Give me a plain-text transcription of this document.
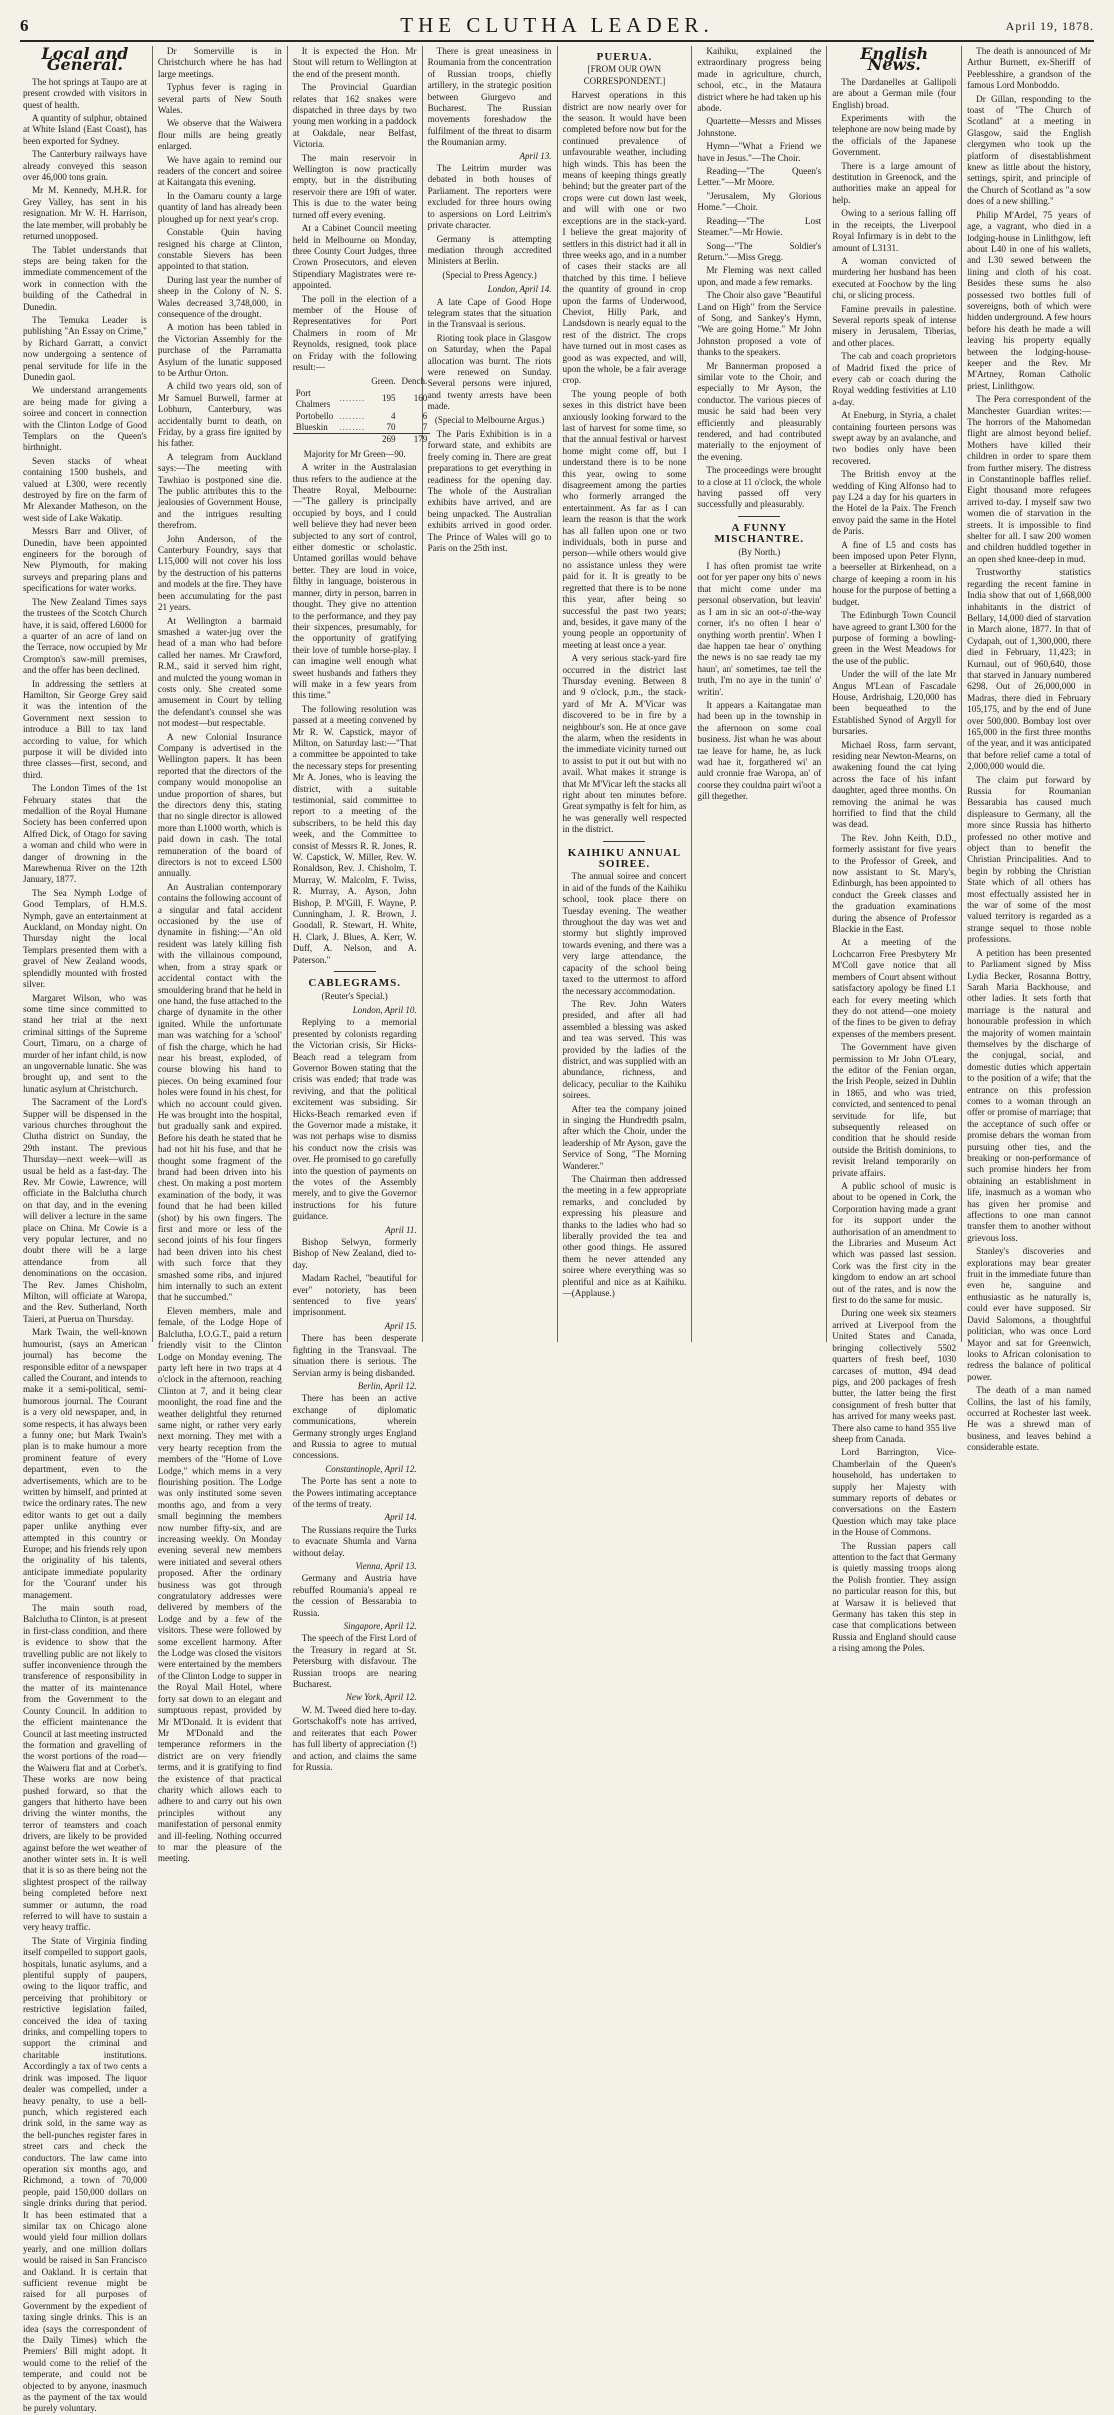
6	THE CLUTHA LEADER.	April 19, 1878.
Local and General.

The hot springs at Taupo are at present crowded with visitors in quest of health.

A quantity of sulphur, obtained at White Island (East Coast), has been exported for Sydney.

The Canterbury railways have already conveyed this season over 46,000 tons grain.

Mr M. Kennedy, M.H.R. for Grey Valley, has sent in his resignation. Mr W. H. Harrison, the late member, will probably be returned unopposed.

The Tablet understands that steps are being taken for the immediate commencement of the work in connection with the building of the Cathedral in Dunedin.

The Temuka Leader is publishing "An Essay on Crime," by Richard Garratt, a convict now undergoing a sentence of penal servitude for life in the Dunedin gaol.

We understand arrangements are being made for giving a soiree and concert in connection with the Clinton Lodge of Good Templars on the Queen's birthnight.

Seven stacks of wheat containing 1500 bushels, and valued at L300, were recently destroyed by fire on the farm of Mr Alexander Matheson, on the west side of Lake Wakatip.

Messrs Barr and Oliver, of Dunedin, have been appointed engineers for the borough of New Plymouth, for making surveys and preparing plans and specifications for water works.

The New Zealand Times says the trustees of the Scotch Church have, it is said, offered L6000 for a quarter of an acre of land on the Terrace, now occupied by Mr Crompton's saw-mill premises, and the offer has been declined.

In addressing the settlers at Hamilton, Sir George Grey said it was the intention of the Government next session to introduce a Bill to tax land according to value, for which purpose it will be divided into three classes—first, second, and third.

The London Times of the 1st February states that the medallion of the Royal Humane Society has been conferred upon Alfred Dick, of Otago for saving a woman and child who were in danger of drowning in the Marewhenua River on the 12th January, 1877.

The Sea Nymph Lodge of Good Templars, of H.M.S. Nymph, gave an entertainment at Auckland, on Monday night. On Thursday night the local Templars presented them with a gravel of New Zealand woods, splendidly mounted with frosted silver.

Margaret Wilson, who was some time since committed to stand her trial at the next criminal sittings of the Supreme Court, Timaru, on a charge of murder of her infant child, is now an ungovernable lunatic. She was brought up, and sent to the lunatic asylum at Christchurch.

The Sacrament of the Lord's Supper will be dispensed in the various churches throughout the Clutha district on Sunday, the 29th instant. The previous Thursday—next week—will as usual be held as a fast-day. The Rev. Mr Cowie, Lawrence, will officiate in the Balclutha church on that day, and in the evening will deliver a lecture in the same place on China. Mr Cowie is a very popular lecturer, and no doubt there will be a large attendance from all denominations on the occasion. The Rev. James Chisholm, Milton, will officiate at Waropa, and the Rev. Sutherland, North Taieri, at Puerua on Thursday.

Mark Twain, the well-known humourist, (says an American journal) has become the responsible editor of a newspaper called the Courant, and intends to make it a semi-political, semi-humorous journal. The Courant is a very old newspaper, and, in some respects, it has always been a funny one; but Mark Twain's plan is to make humour a more prominent feature of every department, even to the advertisements, which are to be written by himself, and printed at twice the ordinary rates. The new editor wants to get out a daily paper unlike anything ever attempted in this country or Europe; and his friends rely upon the originality of his talents, anticipate immediate popularity for the 'Courant' under his management.

The main south road, Balclutha to Clinton, is at present in first-class condition, and there is evidence to show that the travelling public are not likely to suffer inconvenience through the transference of responsibility in the matter of its maintenance from the Government to the County Council. In addition to the efficient maintenance the Council at last meeting instructed the formation and gravelling of the worst portions of the road—the Waiwera flat and at Corbet's. These works are now being pushed forward, so that the gangers that hitherto have been driving the winter months, the terror of teamsters and coach drivers, are likely to be provided against before the wet weather of another winter sets in. It is well that it is so as there being not the slightest prospect of the railway being completed before next summer or autumn, the road referred to will have to sustain a very heavy traffic.

The State of Virginia finding itself compelled to support gaols, hospitals, lunatic asylums, and a plentiful supply of paupers, owing to the liquor traffic, and perceiving that prohibitory or restrictive legislation failed, conceived the idea of taxing drinks, and compelling topers to support the criminal and charitable institutions. Accordingly a tax of two cents a drink was imposed. The liquor dealer was compelled, under a heavy penalty, to use a bell-punch, which registered each drink sold, in the same way as the bell-punches register fares in street cars and check the conductors. The law came into operation six months ago, and Richmond, a town of 70,000 people, paid 150,000 dollars on single drinks during that period. It has been estimated that a similar tax on Chicago alone would yield four million dollars yearly, and one million dollars would be raised in San Francisco and Oakland. It is certain that sufficient revenue might be raised for all purposes of Government by the expedient of taxing single drinks. This is an idea (says the correspondent of the Daily Times) which the Premiers' Bill might adopt. It would come to the relief of the temperate, and could not be objected to by anyone, inasmuch as the payment of the tax would be purely voluntary.

Dr Somerville is in Christchurch where he has had large meetings.

Typhus fever is raging in several parts of New South Wales.

We observe that the Waiwera flour mills are being greatly enlarged.

We have again to remind our readers of the concert and soiree at Kaitangata this evening.

In the Oamaru county a large quantity of land has already been ploughed up for next year's crop.

Constable Quin having resigned his charge at Clinton, constable Sievers has been appointed to that station.

During last year the number of sheep in the Colony of N. S. Wales decreased 3,748,000, in consequence of the drought.

A motion has been tabled in the Victorian Assembly for the purchase of the Parramatta Asylum of the lunatic supposed to be Arthur Orton.

A child two years old, son of Mr Samuel Burwell, farmer at Lobhurn, Canterbury, was accidentally burnt to death, on Friday, by a grass fire ignited by his father.

A telegram from Auckland says:—The meeting with Tawhiao is postponed sine die. The public attributes this to the jealousies of Government House, and the intrigues resulting therefrom.

John Anderson, of the Canterbury Foundry, says that L15,000 will not cover his loss by the destruction of his patterns and models at the fire. They have been accumulating for the past 21 years.

At Wellington a barmaid smashed a water-jug over the head of a man who had before called her names. Mr Crawford, R.M., said it served him right, and mulcted the young woman in costs only. She created some amusement in Court by telling the defendant's counsel she was not modest—but respectable.

A new Colonial Insurance Company is advertised in the Wellington papers. It has been reported that the directors of the company would monopolise an undue proportion of shares, but the directors deny this, stating that no single director is allowed more than L1000 worth, which is paid down in cash. The total remuneration of the board of directors is not to exceed L500 annually.

An Australian contemporary contains the following account of a singular and fatal accident occasioned by the use of dynamite in fishing:—"An old resident was lately killing fish with the villainous compound, when, from a stray spark or accidental contact with the smouldering brand that he held in one hand, the fuse attached to the charge of dynamite in the other ignited. While the unfortunate man was watching for a 'school' of fish the charge, which he had near his breast, exploded, of course blowing his hand to pieces. On being examined four holes were found in his chest, for which no account could given. He was brought into the hospital, but gradually sank and expired. Before his death he stated that he had not hit his fuse, and that he thought some fragment of the brand had been driven into his chest. On making a post mortem examination of the body, it was found that he had been killed (shot) by his own fingers. The first and more or less of the second joints of his four fingers had been driven into his chest with such force that they smashed some ribs, and injured him internally to such an extent that he succumbed."

Eleven members, male and female, of the Lodge Hope of Balclutha, I.O.G.T., paid a return friendly visit to the Clinton Lodge on Monday evening. The party left here in two traps at 4 o'clock in the afternoon, reaching Clinton at 7, and it being clear moonlight, the road fine and the weather delightful they returned same night, or rather very early next morning. They met with a very hearty reception from the members of the "Home of Love Lodge," which mems in a very flourishing position. The Lodge was only instituted some seven months ago, and from a very small beginning the members now number fifty-six, and are increasing weekly. On Monday evening several new members were initiated and several others proposed. After the ordinary business was got through congratulatory addresses were delivered by members of the Lodge and by a few of the visitors. These were followed by some excellent harmony. After the Lodge was closed the visitors were entertained by the members of the Clinton Lodge to supper in the Royal Mail Hotel, where forty sat down to an elegant and sumptuous repast, provided by Mr M'Donald. It is evident that Mr M'Donald and the temperance reformers in the district are on very friendly terms, and it is gratifying to find the existence of that practical charity which allows each to adhere to and carry out his own principles without any manifestation of personal enmity and ill-feeling. Nothing occurred to mar the pleasure of the meeting.

It is expected the Hon. Mr Stout will return to Wellington at the end of the present month.

The Provincial Guardian relates that 162 snakes were dispatched in three days by two young men working in a paddock at Oakdale, near Belfast, Victoria.

The main reservoir in Wellington is now practically empty, but in the distributing reservoir there are 19ft of water. This is due to the water being turned off every evening.

At a Cabinet Council meeting held in Melbourne on Monday, three County Court Judges, three Crown Prosecutors, and eleven Stipendiary Magistrates were re-appointed.

The poll in the election of a member of the House of Representatives for Port Chalmers in room of Mr Reynolds, resigned, took place on Friday with the following result:—

		Green.	Dench.
Port Chalmers	........	195	160
Portobello	........	4	6
Blueskin	........	70	7
		269	179
Majority for Mr Green—90.

A writer in the Australasian thus refers to the audience at the Theatre Royal, Melbourne:—"The gallery is principally occupied by boys, and I could well believe they had never been subjected to any sort of control, either domestic or scholastic. Untamed gorillas would behave better. They are loud in voice, filthy in language, boisterous in manner, dirty in person, barren in thought. They give no attention to the performance, and they pay their sixpences, presumably, for the opportunity of gratifying their love of tumble horse-play. I can imagine well enough what sweet husbands and fathers they will make in a few years from this time."

The following resolution was passed at a meeting convened by Mr R. W. Capstick, mayor of Milton, on Saturday last:—"That a committee be appointed to take the necessary steps for presenting Mr A. Jones, who is leaving the district, with a suitable testimonial, said committee to report to a meeting of the subscribers, to be held this day week, and the Committee to consist of Messrs R. R. Jones, R. W. Capstick, W. Miller, Rev. W. Ronaldson, Rev. J. Chisholm, T. Murray, W. Malcolm, F. Twiss, R. Murray, A. Ayson, John Bishop, P. M'Gill, F. Wayne, P. Cunningham, J. R. Brown, J. Goodall, R. Stewart, H. White, H. Clark, J. Blues, A. Kerr, W. Duff, A. Nelson, and A. Paterson."

CABLEGRAMS.
(Reuter's Special.)
London, April 10.

Replying to a memorial presented by colonists regarding the Victorian crisis, Sir Hicks-Beach read a telegram from Governor Bowen stating that the crisis was ended; that trade was reviving, and that the political excitement was subsiding. Sir Hicks-Beach remarked even if the Governor made a mistake, it was not perhaps wise to dismiss his conduct now the crisis was over. He promised to go carefully into the question of payments on the votes of the Assembly merely, and to give the Governor instructions for his future guidance.

April 11.

Bishop Selwyn, formerly Bishop of New Zealand, died to-day.

Madam Rachel, "beautiful for ever" notoriety, has been sentenced to five years' imprisonment.

April 15.

There has been desperate fighting in the Transvaal. The situation there is serious. The Servian army is being disbanded.

Berlin, April 12.

There has been an active exchange of diplomatic communications, wherein Germany strongly urges England and Russia to agree to mutual concessions.

Constantinople, April 12.

The Porte has sent a note to the Powers intimating acceptance of the terms of treaty.

April 14.

The Russians require the Turks to evacuate Shumla and Varna without delay.

Vienna, April 13.

Germany and Austria have rebuffed Roumania's appeal re the cession of Bessarabia to Russia.

Singapore, April 12.

The speech of the First Lord of the Treasury in regard at St. Petersburg with disfavour. The Russian troops are nearing Bucharest.

New York, April 12.

W. M. Tweed died here to-day. Gortschakoff's note has arrived, and reiterates that each Power has full liberty of appreciation (!) and action, and claims the same for Russia.

There is great uneasiness in Roumania from the concentration of Russian troops, chiefly artillery, in the strategic position between Giurgevo and Bucharest. The Russian movements foreshadow the fulfilment of the threat to disarm the Roumanian army.

April 13.

The Leitrim murder was debated in both houses of Parliament. The reporters were excluded for three hours owing to aspersions on Lord Leitrim's private character.

Germany is attempting mediation through accredited Ministers at Berlin.

(Special to Press Agency.)
London, April 14.

A late Cape of Good Hope telegram states that the situation in the Transvaal is serious.

Rioting took place in Glasgow on Saturday, when the Papal allocation was burnt. The riots were renewed on Sunday. Several persons were injured, and twenty arrests have been made.

(Special to Melbourne Argus.)

The Paris Exhibition is in a forward state, and exhibits are freely coming in. There are great preparations to get everything in readiness for the opening day. The whole of the Australian exhibits have arrived, and are being unpacked. The Australian exhibits arrived in good order. The Prince of Wales will go to Paris on the 25th inst.

PUERUA.
[FROM OUR OWN CORRESPONDENT.]

Harvest operations in this district are now nearly over for the season. It would have been completed before now but for the continued prevalence of unfavourable weather, including high winds. This has been the means of keeping things greatly behind; but the greater part of the crops were cut down last week, and will with one or two exceptions are in the stack-yard. I believe the great majority of settlers in this district had it all in three weeks ago, and in a number of cases their stacks are all thatched by this time. I believe the quantity of ground in crop upon the farms of Underwood, Cheviot, Hilly Park, and Landsdown is nearly equal to the rest of the district. The crops have turned out in most cases as good as was expected, and will, upon the whole, be a fair average crop.

The young people of both sexes in this district have been anxiously looking forward to the last of harvest for some time, so that the annual festival or harvest home might come off, but I understand there is to be none this year, owing to some disagreement among the parties who formerly arranged the entertainment. As far as I can learn the reason is that the work has all fallen upon one or two individuals, both in purse and person—while others would give no assistance unless they were paid for it. It is greatly to be regretted that there is to be none this year, after being so successful the past two years; and, besides, it gave many of the young people an opportunity of meeting at least once a year.

A very serious stack-yard fire occurred in the district last Thursday evening. Between 8 and 9 o'clock, p.m., the stack-yard of Mr A. M'Vicar was discovered to be in fire by a neighbour's son. He at once gave the alarm, when the residents in the immediate vicinity turned out to assist to put it out but with no avail. What makes it strange is that Mr M'Vicar left the stacks all right about ten minutes before. Great sympathy is felt for him, as he was generally well respected in the district.

KAIHIKU ANNUAL SOIREE.

The annual soiree and concert in aid of the funds of the Kaihiku school, took place there on Tuesday evening. The weather throughout the day was wet and stormy but slightly improved towards evening, and there was a very large attendance, the capacity of the school being taxed to the uttermost to afford the necessary accommodation.

The Rev. John Waters presided, and after all had assembled a blessing was asked and tea was served. This was provided by the ladies of the district, and was supplied with an abundance, richness, and delicacy, peculiar to the Kaihiku soirees.

After tea the company joined in singing the Hundredth psalm, after which the Choir, under the leadership of Mr Ayson, gave the Service of Song, "The Morning Wanderer."

The Chairman then addressed the meeting in a few appropriate remarks, and concluded by expressing his pleasure and thanks to the ladies who had so liberally provided the tea and other good things. He assured them he never attended any soiree where everything was so plentiful and nice as at Kaihiku.—(Applause.)

Kaihiku, explained the extraordinary progress being made in agriculture, church, school, etc., in the Mataura district where he had taken up his abode.

Quartette—Messrs and Misses Johnstone.

Hymn—"What a Friend we have in Jesus."—The Choir.

Reading—"The Queen's Letter."—Mr Moore.

"Jerusalem, My Glorious Home."—Choir.

Reading—"The Lost Steamer."—Mr Howie.

Song—"The Soldier's Return."—Miss Gregg.

Mr Fleming was next called upon, and made a few remarks.

The Choir also gave "Beautiful Land on High" from the Service of Song, and Sankey's Hymn, "We are going Home." Mr John Johnston proposed a vote of thanks to the speakers.

Mr Bannerman proposed a similar vote to the Choir, and especially to Mr Ayson, the conductor. The various pieces of music he said had been very efficiently and pleasurably rendered, and had contributed materially to the enjoyment of the evening.

The proceedings were brought to a close at 11 o'clock, the whole having passed off very successfully and pleasurably.

A FUNNY MISCHANTRE.
(By North.)

I has often promist tae write oot for yer paper ony bits o' news that micht come under ma personal observation, but leavin' as I am in sic an oot-o'-the-way corner, it's no often I hear o' onything worth prentin'. When I dae happen tae hear o' onything the news is no sae ready tae my haun', an' sometimes, tae tell the truth, I'm no aye in the tunin' o' writin'.

It appears a Kaitangatae man had been up in the township in the afternoon on some coal business. Jist whan he was about tae leave for hame, he, as luck wad hae it, forgathered wi' an auld cronnie frae Waropa, an' of coorse they couldna pairt wi'oot a gill thegether.

English News.

The Dardanelles at Gallipoli are about a German mile (four English) broad.

Experiments with the telephone are now being made by the officials of the Japanese Government.

There is a large amount of destitution in Greenock, and the authorities make an appeal for help.

Owing to a serious falling off in the receipts, the Liverpool Royal Infirmary is in debt to the amount of L3131.

A woman convicted of murdering her husband has been executed at Foochow by the ling chi, or slicing process.

Famine prevails in palestine. Several reports speak of intense misery in Jerusalem, Tiberias, and other places.

The cab and coach proprietors of Madrid fixed the price of every cab or coach during the Royal wedding festivities at L10 a-day.

At Eneburg, in Styria, a chalet containing fourteen persons was swept away by an avalanche, and two bodies only have been recovered.

The British envoy at the wedding of King Alfonso had to pay L24 a day for his quarters in the Hotel de la Paix. The French envoy paid the same in the Hotel de Paris.

A fine of L5 and costs has been imposed upon Peter Flynn, a beerseller at Birkenhead, on a charge of keeping a room in his house for the purpose of betting a budget.

The Edinburgh Town Council have agreed to grant L300 for the purpose of forming a bowling-green in the West Meadows for the use of the public.

Under the will of the late Mr Angus M'Lean of Fascadale House, Ardrishaig, L20,000 has been bequeathed to the Established Synod of Argyll for bursaries.

Michael Ross, farm servant, residing near Newton-Mearns, on awakening found the cat lying across the face of his infant daughter, aged three months. On removing the animal he was horrified to find that the child was dead.

The Rev. John Keith, D.D., formerly assistant for five years to the Professor of Greek, and now assistant to St. Mary's, Edinburgh, has been appointed to conduct the Greek classes and the graduation examinations during the absence of Professor Blackie in the East.

At a meeting of the Lochcarron Free Presbytery Mr M'Coll gave notice that all members of Court absent without satisfactory apology be fined L1 each for every meeting which they do not attend—one moiety of the fines to be given to defray expenses of the members present.

The Government have given permission to Mr John O'Leary, the editor of the Fenian organ, the Irish People, seized in Dublin in 1865, and who was tried, convicted, and sentenced to penal servitude for life, but subsequently released on condition that he should reside outside the British dominions, to revisit Ireland temporarily on private affairs.

A public school of music is about to be opened in Cork, the Corporation having made a grant for its support under the authorisation of an amendment to the Libraries and Museum Act which was passed last session. Cork was the first city in the kingdom to endow an art school out of the rates, and is now the first to do the same for music.

During one week six steamers arrived at Liverpool from the United States and Canada, bringing collectively 5502 quarters of fresh beef, 1030 carcases of mutton, 494 dead pigs, and 200 packages of fresh butter, the latter being the first consignment of fresh butter that has arrived for many weeks past. There also came to hand 355 live sheep from Canada.

Lord Barrington, Vice-Chamberlain of the Queen's household, has undertaken to supply her Majesty with summary reports of debates or conversations on the Eastern Question which may take place in the House of Commons.

The Russian papers call attention to the fact that Germany is quietly massing troops along the Polish frontier. They assign no particular reason for this, but at Warsaw it is believed that Germany has taken this step in case that complications between Russia and England should cause a rising among the Poles.

The death is announced of Mr Arthur Burnett, ex-Sheriff of Peeblesshire, a grandson of the famous Lord Monboddo.

Dr Gillan, responding to the toast of "The Church of Scotland" at a meeting in Glasgow, said the English clergymen who took up the platform of disestablishment knew as little about the history, settings, spirit, and principle of the Church of Scotland as "a sow does of a new shilling."

Philip M'Ardel, 75 years of age, a vagrant, who died in a lodging-house in Linlithgow, left about L40 in one of his wallets, and L30 sewed between the lining and cloth of his coat. Besides these sums he also possessed two bottles full of sovereigns, both of which were hidden underground. A few hours before his death he made a will leaving his property equally between the lodging-house-keeper and the Rev. Mr M'Artney, Roman Catholic priest, Linlithgow.

The Pera correspondent of the Manchester Guardian writes:—The horrors of the Mahomedan flight are almost beyond belief. Mothers have killed their children in order to spare them from further misery. The distress in Constantinople baffles relief. Eight thousand more refugees arrived to-day. I myself saw two women die of starvation in the streets. It is impossible to find shelter for all. I saw 200 women and children huddled together in an open shed knee-deep in mud.

Trustworthy statistics regarding the recent famine in India show that out of 1,668,000 inhabitants in the district of Bellary, 14,000 died of starvation in March alone, 1877. In that of Cydapah, out of 1,300,000, there died in February, 11,423; in Kurnaul, out of 960,640, those that starved in January numbered 6298. Out of 26,000,000 in Madras, there died in February 105,175, and by the end of June over 500,000. Bombay lost over 165,000 in the first three months of the year, and it was anticipated that before relief came a total of 2,000,000 would die.

The claim put forward by Russia for Roumanian Bessarabia has caused much displeasure to Germany, all the more since Russia has hitherto professed no other motive and object than to benefit the Christian Principalities. And to begin by robbing the Christian State which of all others has most effectually assisted her in the war of some of the most valued territory is regarded as a strange sequel to those noble professions.

A petition has been presented to Parliament signed by Miss Lydia Becker, Rosanna Bottry, Sarah Maria Backhouse, and other ladies. It sets forth that marriage is the natural and honourable profession in which the majority of women maintain themselves by the discharge of the conjugal, social, and domestic duties which appertain to the position of a wife; that the entrance on this profession comes to a woman through an offer or promise of marriage; that the acceptance of such offer or promise debars the woman from pursuing other ties, and the breaking or non-performance of such promise hinders her from obtaining an establishment in life, inasmuch as a woman who has given her promise and affections to one man cannot transfer them to another without grievous loss.

Stanley's discoveries and explorations may bear greater fruit in the immediate future than even he, sanguine and enthusiastic as he naturally is, could ever have supposed. Sir David Salomons, a thoughtful politician, who was once Lord Mayor and sat for Greenwich, looks to African colonisation to redress the balance of political power.

The death of a man named Collins, the last of his family, occurred at Rochester last week. He was a shrewd man of business, and leaves behind a considerable estate.
